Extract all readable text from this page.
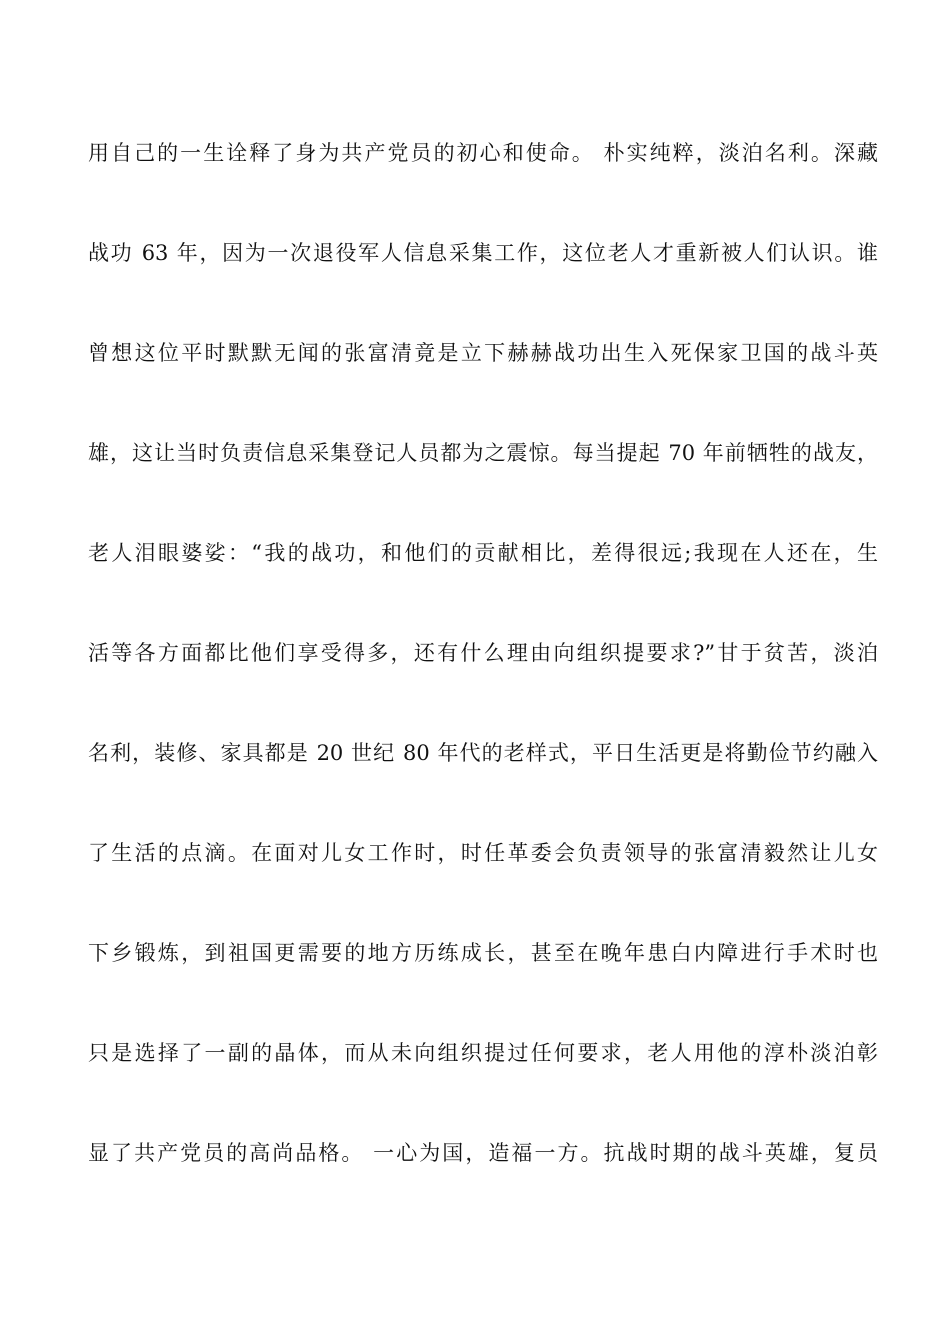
用自己的一生诠释了身为共产党员的初心和使命。 朴实纯粹，淡泊名利。深藏
战功 63 年，因为一次退役军人信息采集工作，这位老人才重新被人们认识。谁
曾想这位平时默默无闻的张富清竟是立下赫赫战功出生入死保家卫国的战斗英
雄，这让当时负责信息采集登记人员都为之震惊。每当提起 70 年前牺牲的战友，
老人泪眼婆娑：“我的战功，和他们的贡献相比，差得很远;我现在人还在，生
活等各方面都比他们享受得多，还有什么理由向组织提要求?”甘于贫苦，淡泊
名利，装修、家具都是 20 世纪 80 年代的老样式，平日生活更是将勤俭节约融入
了生活的点滴。在面对儿女工作时，时任革委会负责领导的张富清毅然让儿女
下乡锻炼，到祖国更需要的地方历练成长，甚至在晚年患白内障进行手术时也
只是选择了一副的晶体，而从未向组织提过任何要求，老人用他的淳朴淡泊彰
显了共产党员的高尚品格。 一心为国，造福一方。抗战时期的战斗英雄，复员
